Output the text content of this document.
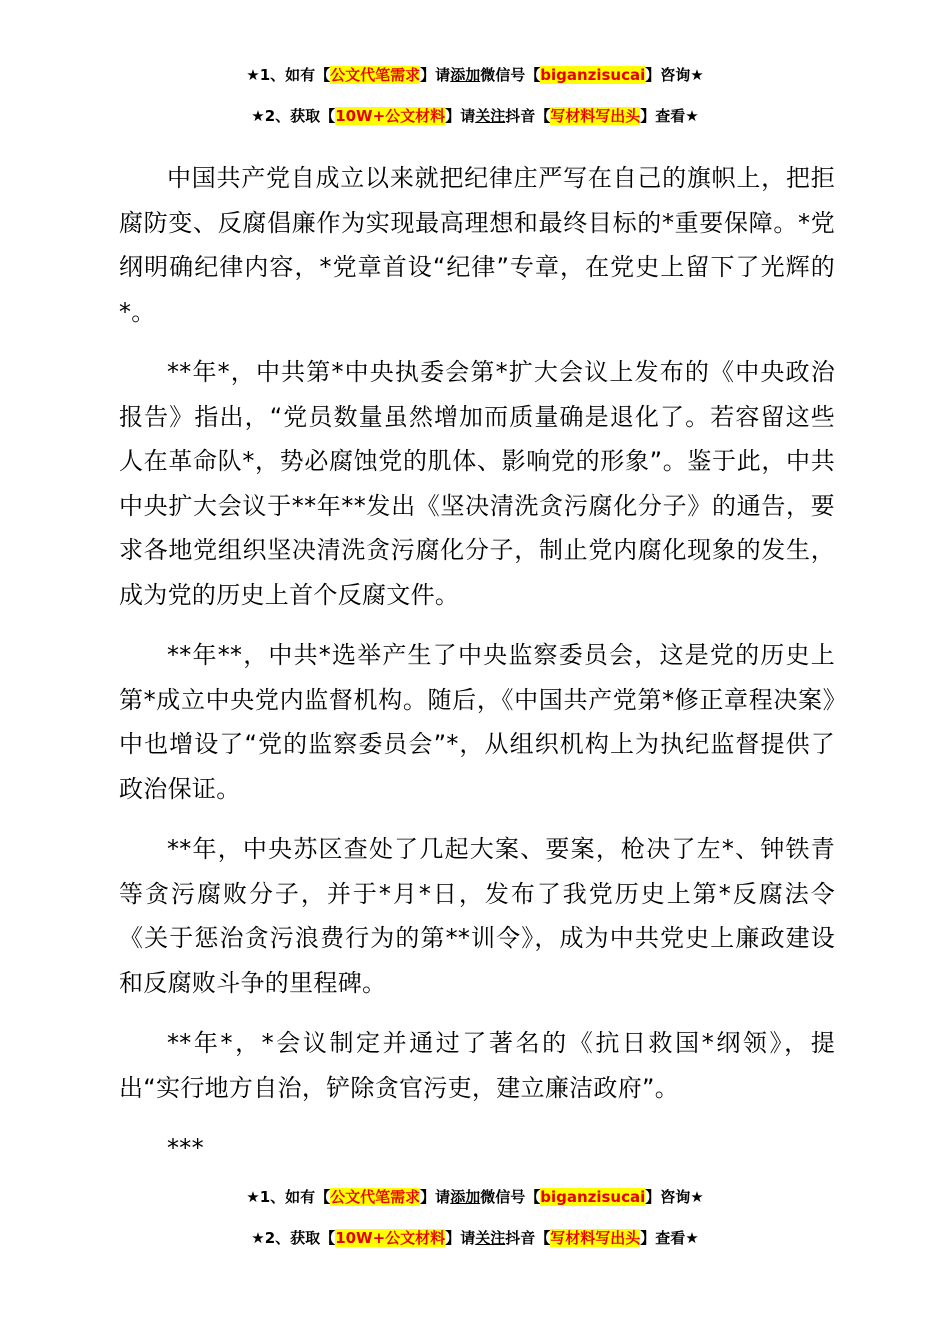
★1、如有【公文代笔需求】请添加微信号【biganzisucai】咨询★
★2、获取【10W+公文材料】请关注抖音【写材料写出头】查看★

中国共产党自成立以来就把纪律庄严写在自己的旗帜上，把拒腐防变、反腐倡廉作为实现最高理想和最终目标的*重要保障。*党纲明确纪律内容，*党章首设“纪律”专章，在党史上留下了光辉的*。

**年*，中共第*中央执委会第*扩大会议上发布的《中央政治报告》指出，“党员数量虽然增加而质量确是退化了。若容留这些人在革命队*，势必腐蚀党的肌体、影响党的形象”。鉴于此，中共中央扩大会议于**年**发出《坚决清洗贪污腐化分子》的通告，要求各地党组织坚决清洗贪污腐化分子，制止党内腐化现象的发生，成为党的历史上首个反腐文件。

**年**，中共*选举产生了中央监察委员会，这是党的历史上第*成立中央党内监督机构。随后，《中国共产党第*修正章程决案》中也增设了“党的监察委员会”*，从组织机构上为执纪监督提供了政治保证。

**年，中央苏区查处了几起大案、要案，枪决了左*、钟铁青等贪污腐败分子，并于*月*日，发布了我党历史上第*反腐法令《关于惩治贪污浪费行为的第**训令》，成为中共党史上廉政建设和反腐败斗争的里程碑。

**年*，*会议制定并通过了著名的《抗日救国*纲领》，提出“实行地方自治，铲除贪官污吏，建立廉洁政府”。

***

★1、如有【公文代笔需求】请添加微信号【biganzisucai】咨询★
★2、获取【10W+公文材料】请关注抖音【写材料写出头】查看★
